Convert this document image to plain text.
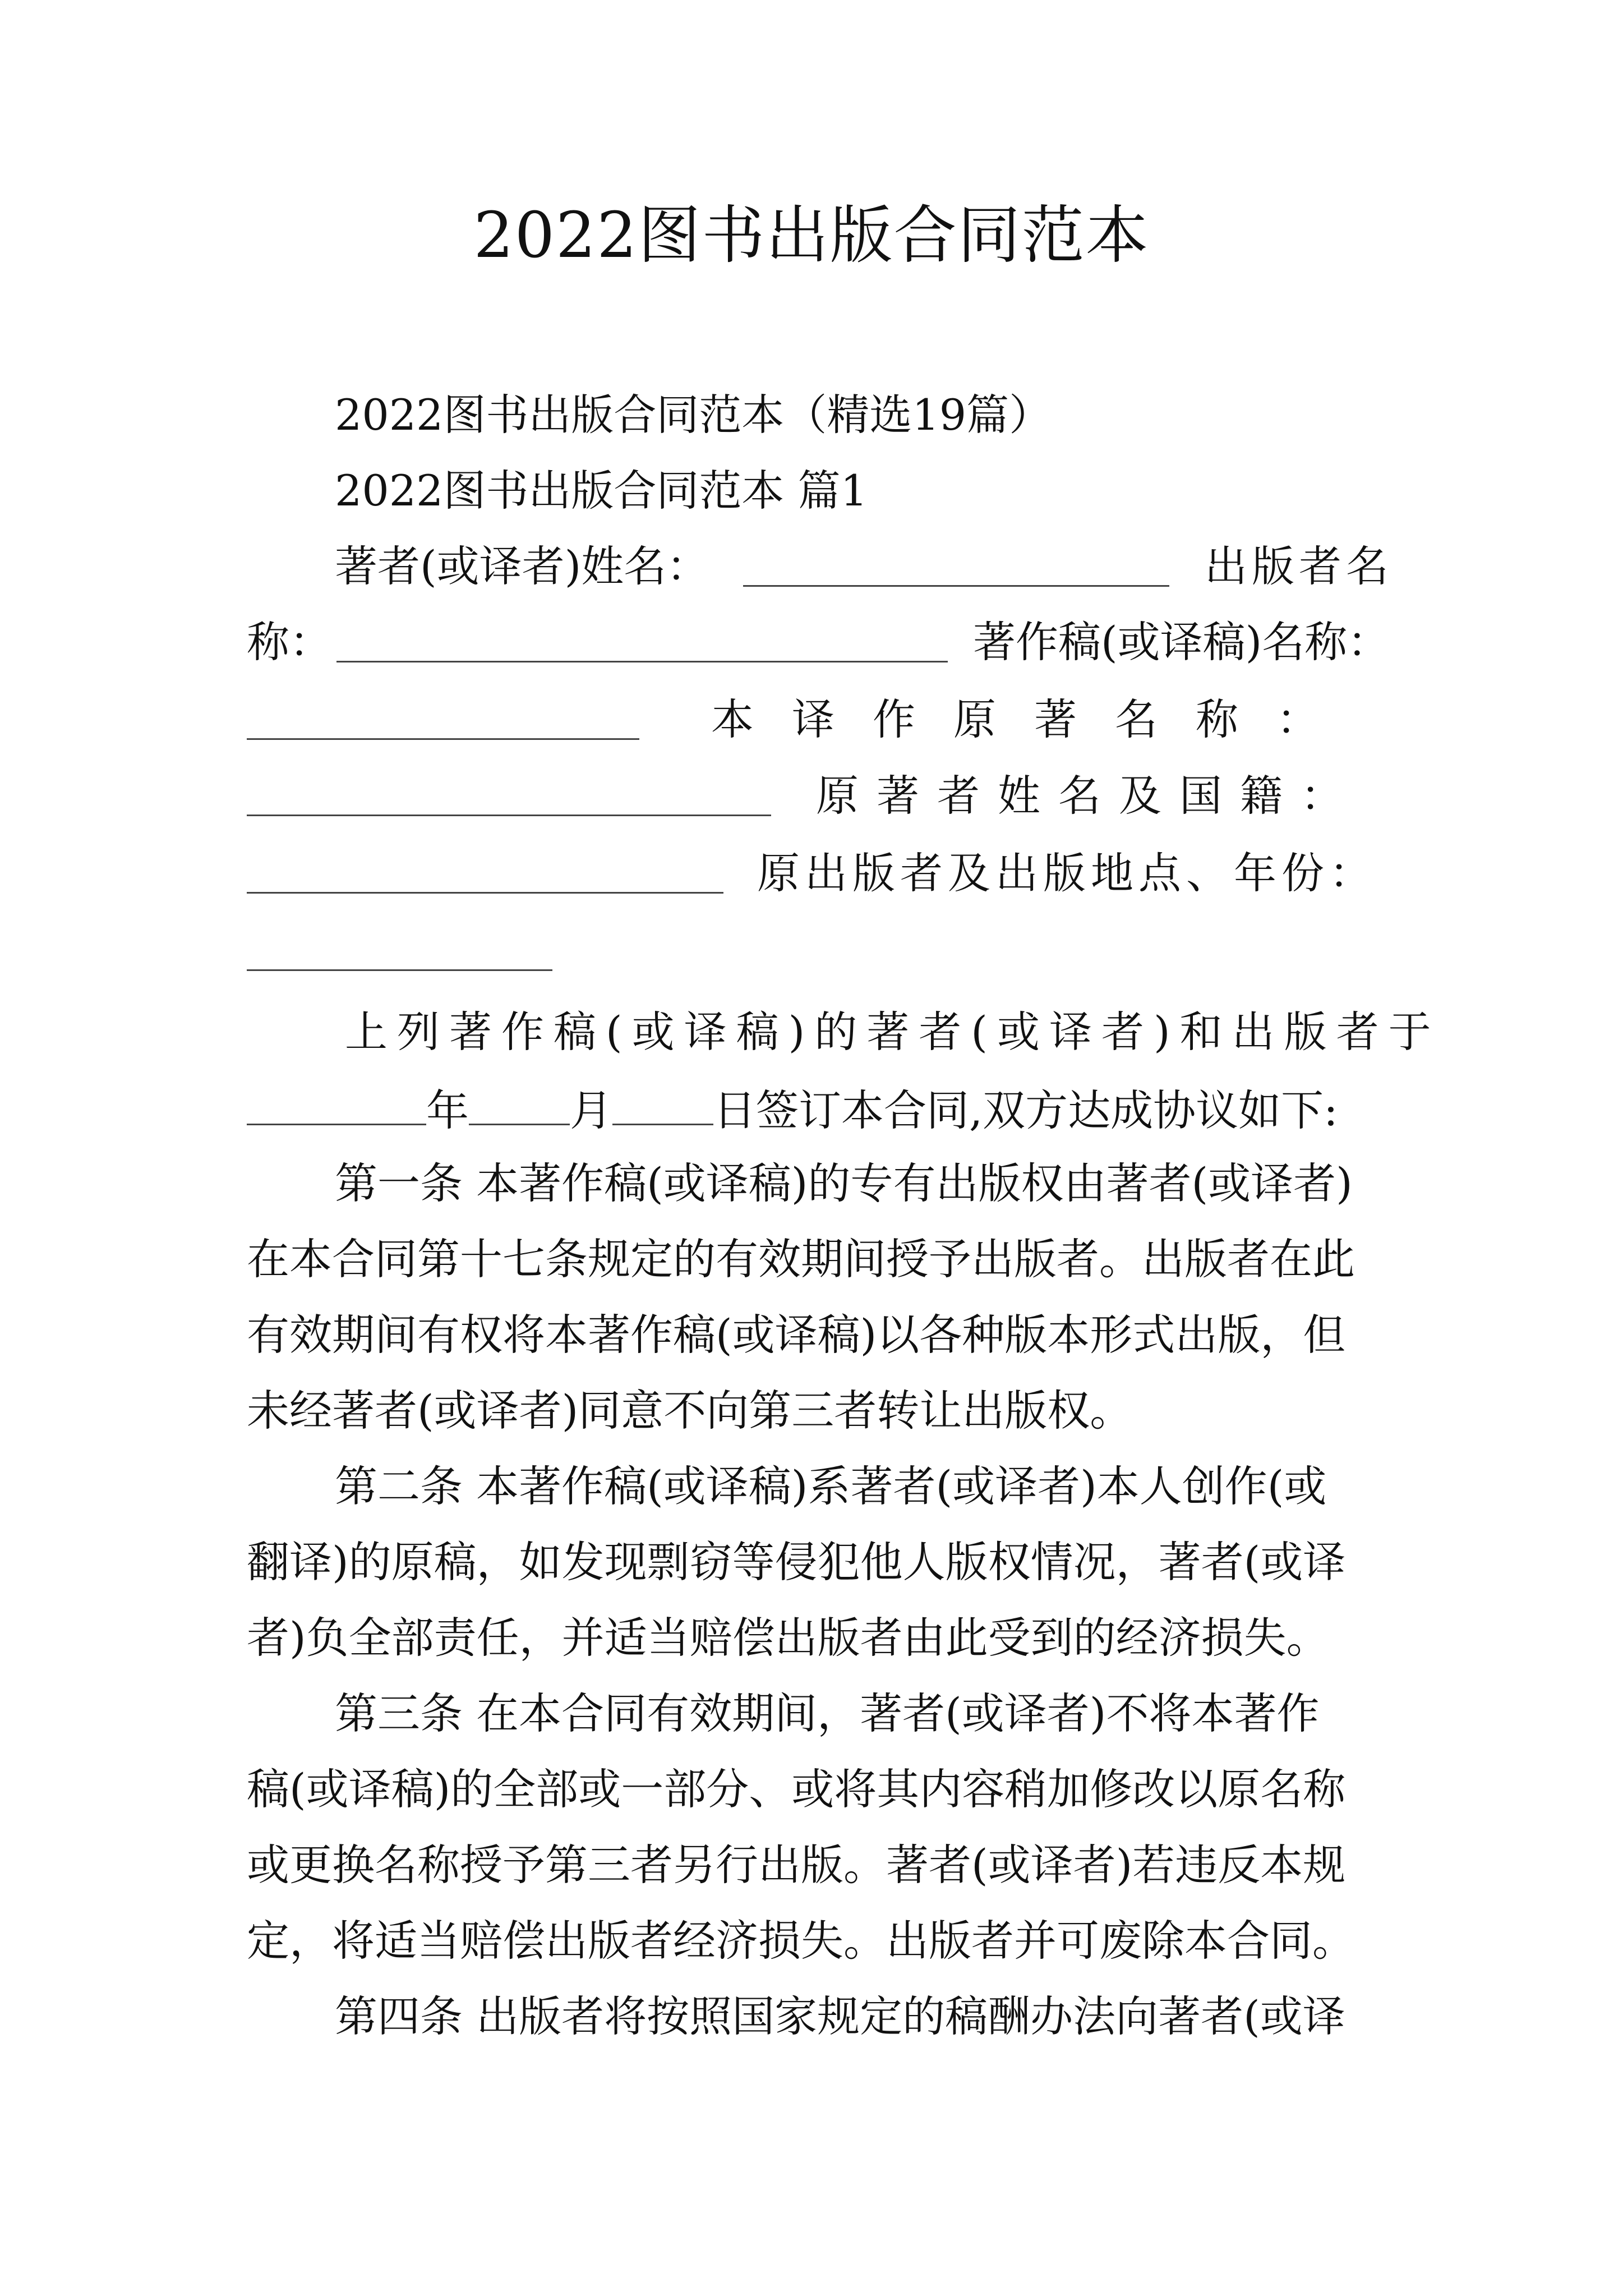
2022图书出版合同范本
2022图书出版合同范本（精选19篇）
2022图书出版合同范本 篇1
著者(或译者)姓名：	出版者名
称：	著作稿(或译稿)名称：
本译作原著名称：
原著者姓名及国籍：
原出版者及出版地点、年份：
上列著作稿(或译稿)的著者(或译者)和出版者于
年 月 日签订本合同,双方达成协议如下:
第一条 本著作稿(或译稿)的专有出版权由著者(或译者)
在本合同第十七条规定的有效期间授予出版者。出版者在此
有效期间有权将本著作稿(或译稿)以各种版本形式出版，但
未经著者(或译者)同意不向第三者转让出版权。
第二条 本著作稿(或译稿)系著者(或译者)本人创作(或
翻译)的原稿，如发现剽窃等侵犯他人版权情况，著者(或译
者)负全部责任，并适当赔偿出版者由此受到的经济损失。
第三条 在本合同有效期间，著者(或译者)不将本著作
稿(或译稿)的全部或一部分、或将其内容稍加修改以原名称
或更换名称授予第三者另行出版。著者(或译者)若违反本规
定，将适当赔偿出版者经济损失。出版者并可废除本合同。
第四条 出版者将按照国家规定的稿酬办法向著者(或译
